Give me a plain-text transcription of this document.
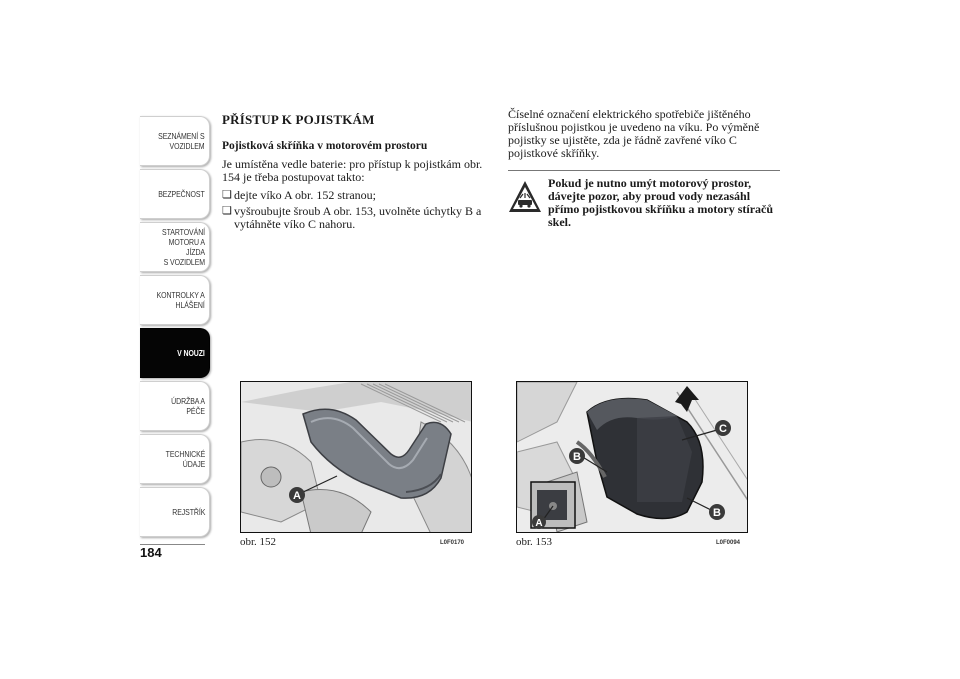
SEZNÁMENÍ S
VOZIDLEM
BEZPEČNOST
STARTOVÁNÍ
MOTORU A JÍZDA
S VOZIDLEM
KONTROLKY A
HLÁŠENÍ
V NOUZI
ÚDRŽBA A PÉČE
TECHNICKÉ
ÚDAJE
REJSTŘÍK
184
PŘÍSTUP K POJISTKÁM
Pojistková skříňka v motorovém prostoru

Je umístěna vedle baterie: pro přístup k pojistkám obr. 154 je třeba postupovat takto:

❏ dejte víko A obr. 152 stranou;
❏ vyšroubujte šroub A obr. 153, uvolněte úchytky B a vytáhněte víko C nahoru.

Číselné označení elektrického spotřebiče jištěného příslušnou pojistkou je uvedeno na víku. Po výměně pojistky se ujistěte, zda je řádně zavřené víko C pojistkové skříňky.

Pokud je nutno umýt motorový prostor, dávejte pozor, aby proud vody nezasáhl přímo pojistkovou skříňku a motory stíračů skel.

A
obr. 152	L0F0170
C
B
B
A
obr. 153	L0F0094
